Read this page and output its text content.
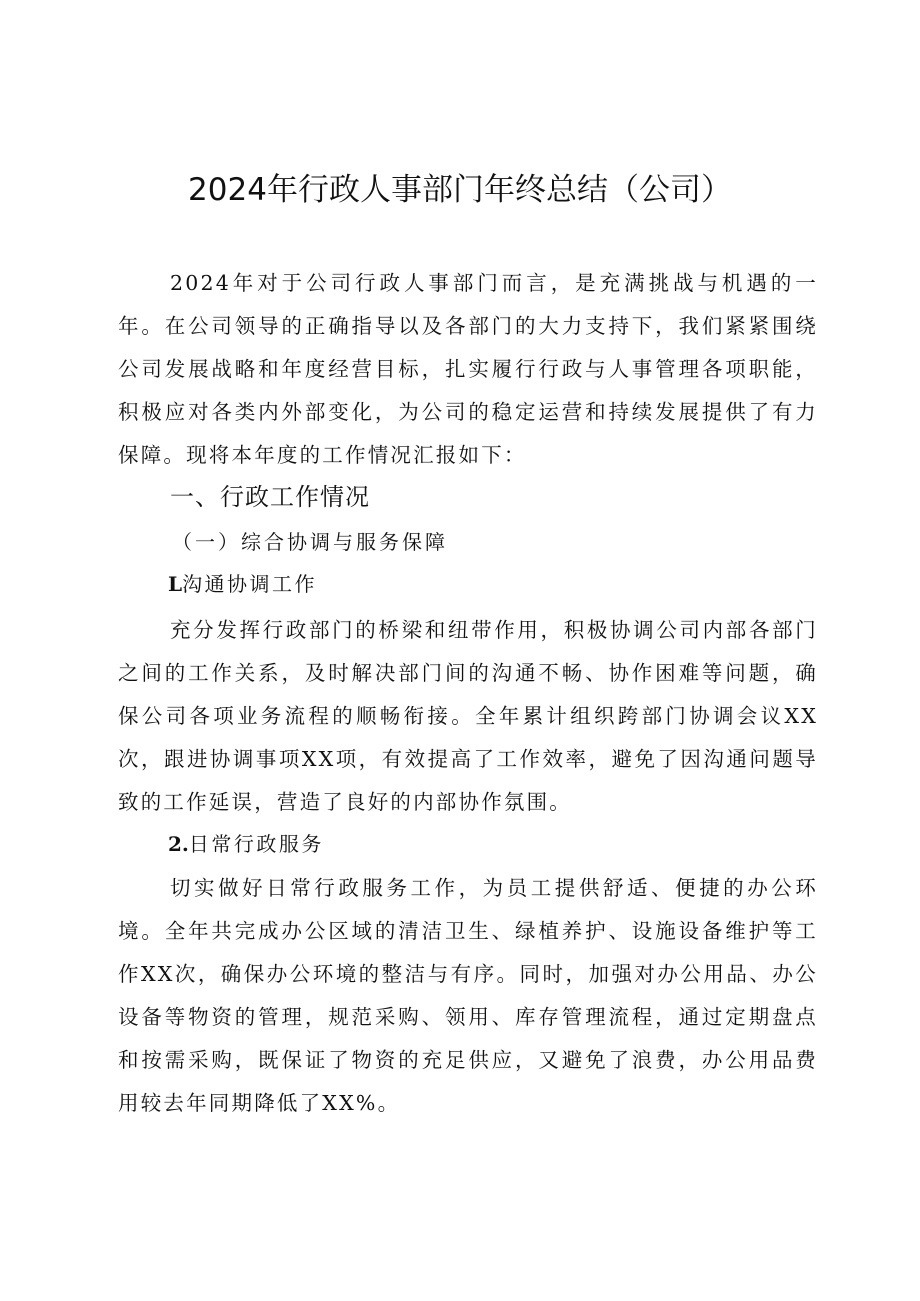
2024年行政人事部门年终总结（公司）

2024年对于公司行政人事部门而言，是充满挑战与机遇的一年。在公司领导的正确指导以及各部门的大力支持下，我们紧紧围绕公司发展战略和年度经营目标，扎实履行行政与人事管理各项职能，积极应对各类内外部变化，为公司的稳定运营和持续发展提供了有力保障。现将本年度的工作情况汇报如下：

一、行政工作情况
（一）综合协调与服务保障
L沟通协调工作

充分发挥行政部门的桥梁和纽带作用，积极协调公司内部各部门之间的工作关系，及时解决部门间的沟通不畅、协作困难等问题，确保公司各项业务流程的顺畅衔接。全年累计组织跨部门协调会议XX次，跟进协调事项XX项，有效提高了工作效率，避免了因沟通问题导致的工作延误，营造了良好的内部协作氛围。

2.日常行政服务

切实做好日常行政服务工作，为员工提供舒适、便捷的办公环境。全年共完成办公区域的清洁卫生、绿植养护、设施设备维护等工作XX次，确保办公环境的整洁与有序。同时，加强对办公用品、办公设备等物资的管理，规范采购、领用、库存管理流程，通过定期盘点和按需采购，既保证了物资的充足供应，又避免了浪费，办公用品费用较去年同期降低了XX%。
